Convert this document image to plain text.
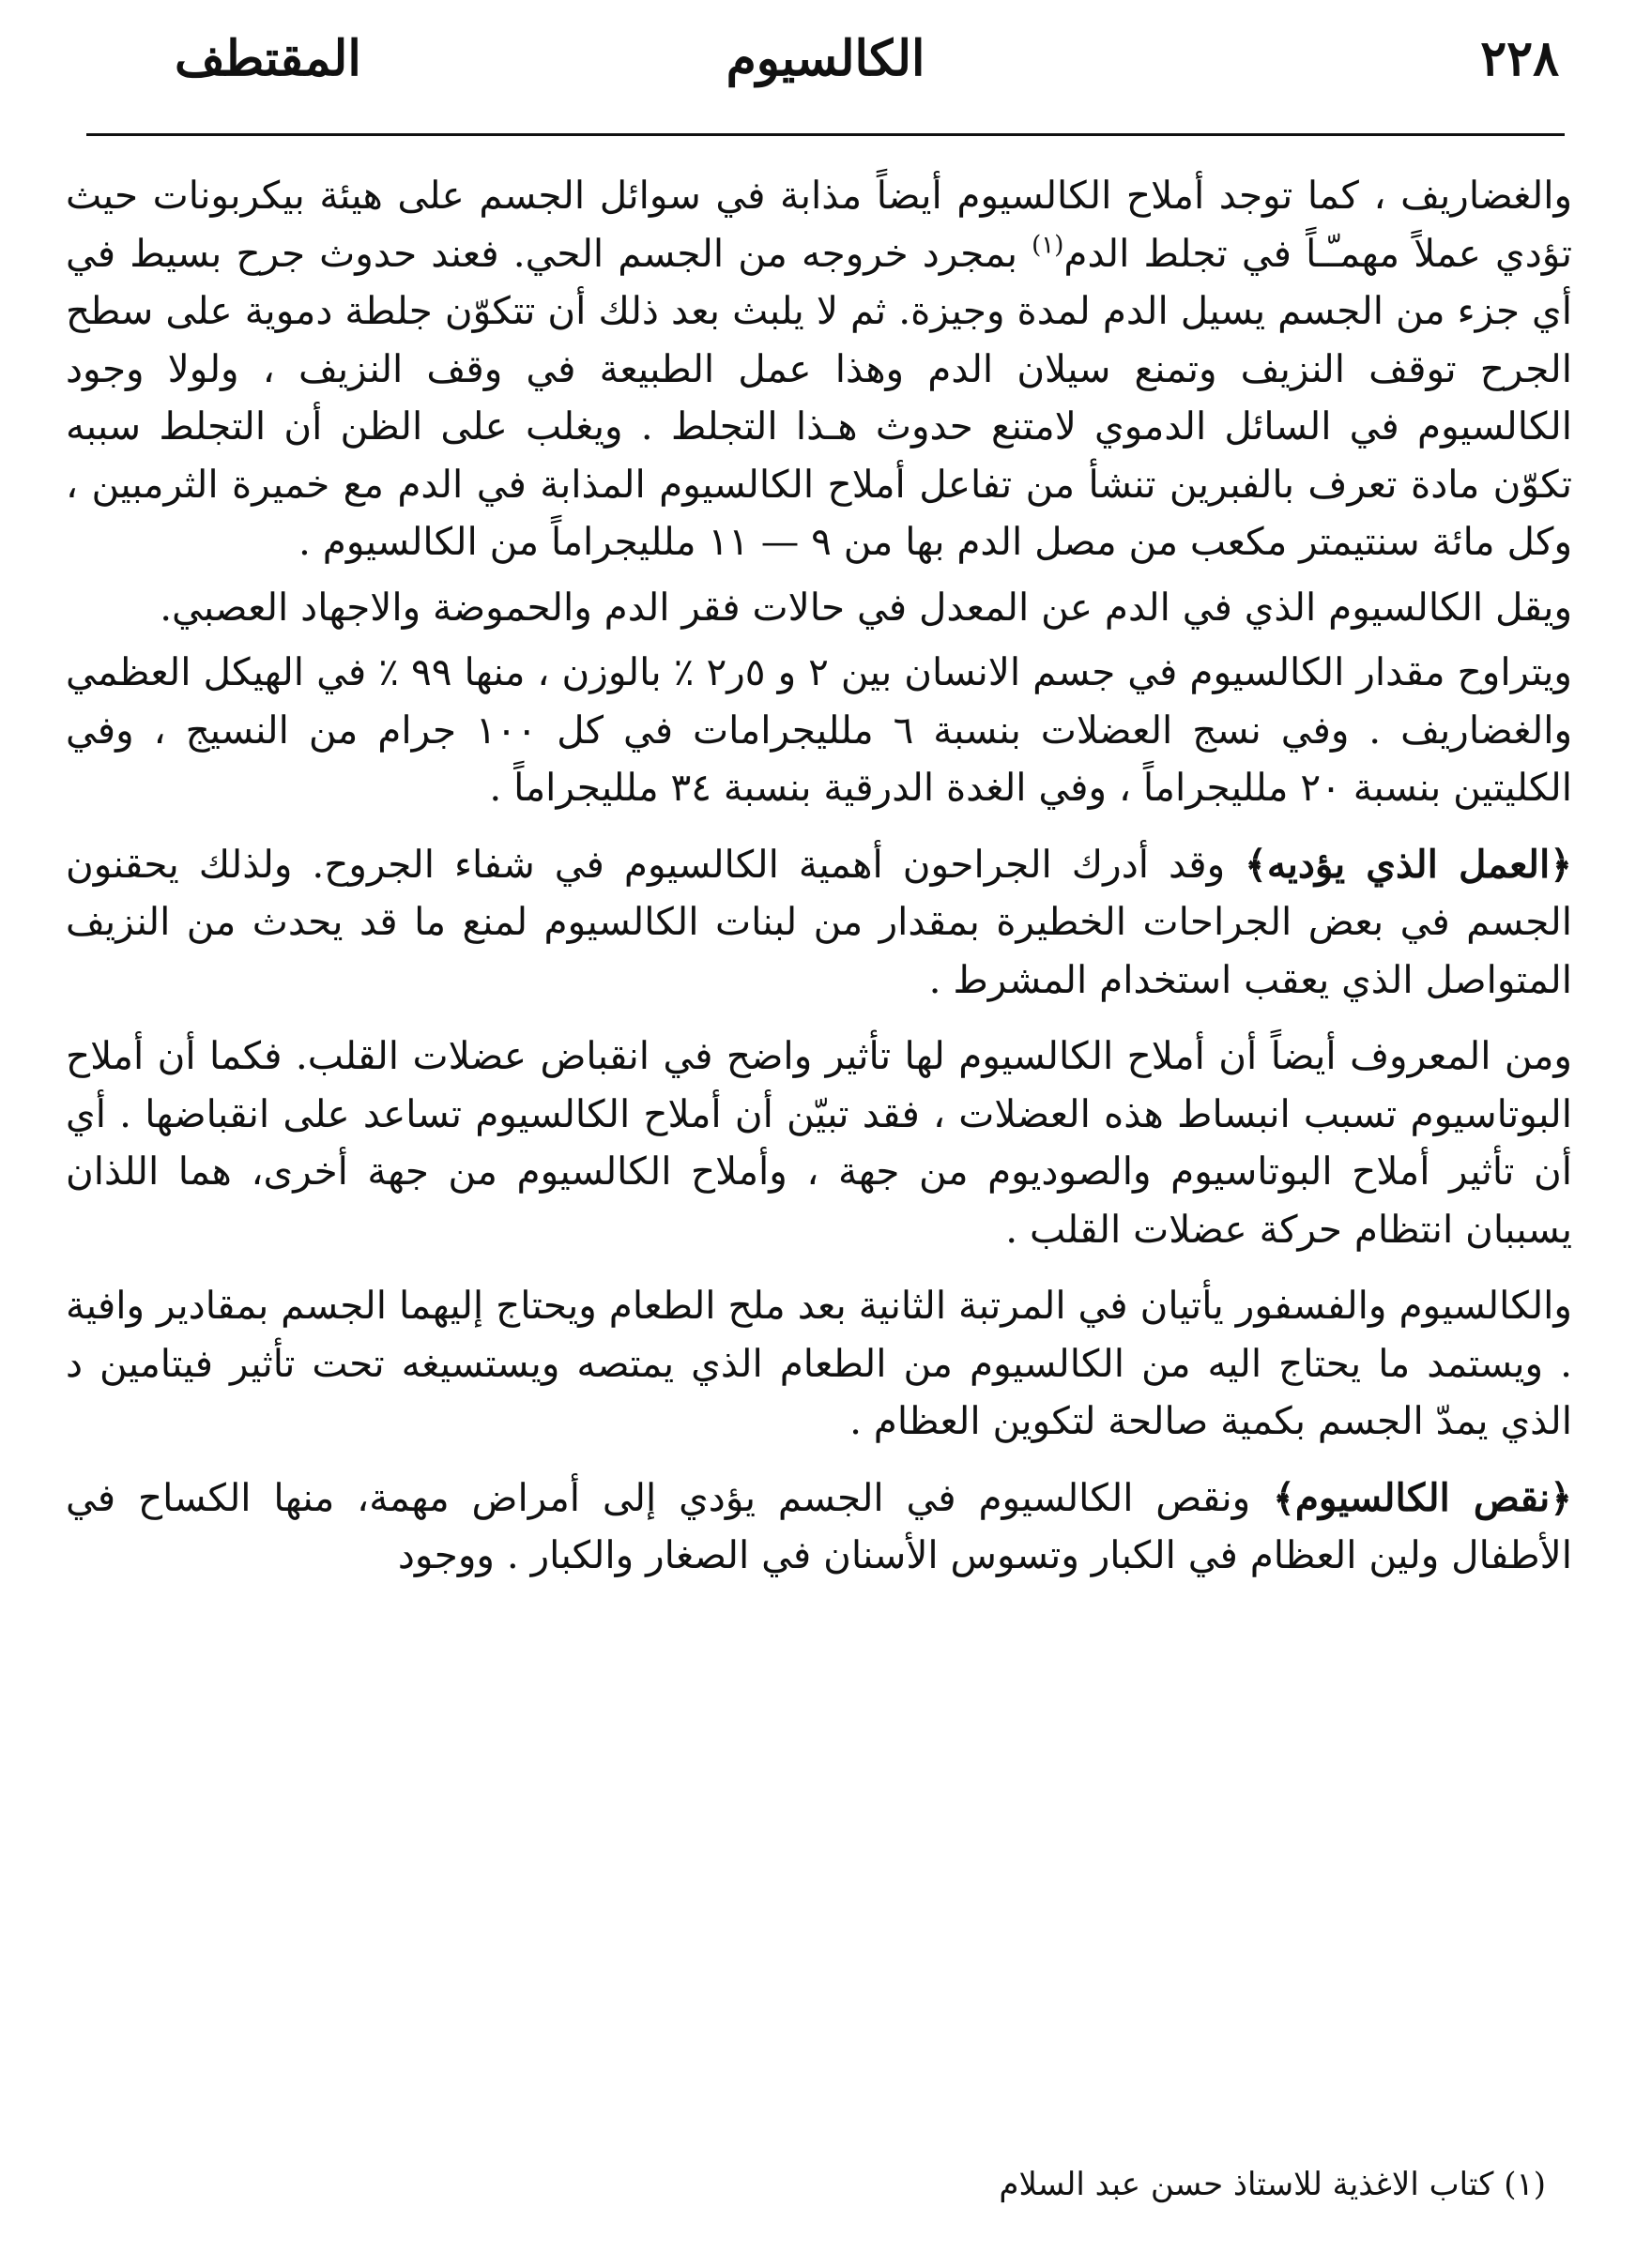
٢٢٨
الكالسيوم
المقتطف

والغضاريف ، كما توجد أملاح الكالسيوم أيضاً مذابة في سوائل الجسم على هيئة بيكربونات حيث تؤدي عملاً مهمـّـاً في تجلط الدم$^{(١)}$ بمجرد خروجه من الجسم الحي. فعند حدوث جرح بسيط في أي جزء من الجسم يسيل الدم لمدة وجيزة. ثم لا يلبث بعد ذلك أن تتكوّن جلطة دموية على سطح الجرح توقف النزيف وتمنع سيلان الدم وهذا عمل الطبيعة في وقف النزيف ، ولولا وجود الكالسيوم في السائل الدموي لامتنع حدوث هـذا التجلط . ويغلب على الظن أن التجلط سببه تكوّن مادة تعرف بالفبرين تنشأ من تفاعل أملاح الكالسيوم المذابة في الدم مع خميرة الثرمبين ، وكل مائة سنتيمتر مكعب من مصل الدم بها من ٩ — ١١ ملليجراماً من الكالسيوم .

ويقل الكالسيوم الذي في الدم عن المعدل في حالات فقر الدم والحموضة والاجهاد العصبي.

ويتراوح مقدار الكالسيوم في جسم الانسان بين ٢ و ٥ر٢ ٪ بالوزن ، منها ٩٩ ٪ في الهيكل العظمي والغضاريف . وفي نسج العضلات بنسبة ٦ ملليجرامات في كل ١٠٠ جرام من النسيج ، وفي الكليتين بنسبة ٢٠ ملليجراماً ، وفي الغدة الدرقية بنسبة ٣٤ ملليجراماً .

﴿العمل الذي يؤديه﴾ وقد أدرك الجراحون أهمية الكالسيوم في شفاء الجروح. ولذلك يحقنون الجسم في بعض الجراحات الخطيرة بمقدار من لبنات الكالسيوم لمنع ما قد يحدث من النزيف المتواصل الذي يعقب استخدام المشرط .

ومن المعروف أيضاً أن أملاح الكالسيوم لها تأثير واضح في انقباض عضلات القلب. فكما أن أملاح البوتاسيوم تسبب انبساط هذه العضلات ، فقد تبيّن أن أملاح الكالسيوم تساعد على انقباضها . أي أن تأثير أملاح البوتاسيوم والصوديوم من جهة ، وأملاح الكالسيوم من جهة أخرى، هما اللذان يسببان انتظام حركة عضلات القلب .

والكالسيوم والفسفور يأتيان في المرتبة الثانية بعد ملح الطعام ويحتاج إليهما الجسم بمقادير وافية . ويستمد ما يحتاج اليه من الكالسيوم من الطعام الذي يمتصه ويستسيغه تحت تأثير فيتامين د الذي يمدّ الجسم بكمية صالحة لتكوين العظام .

﴿نقص الكالسيوم﴾ ونقص الكالسيوم في الجسم يؤدي إلى أمراض مهمة، منها الكساح في الأطفال ولين العظام في الكبار وتسوس الأسنان في الصغار والكبار . ووجود

(١) كتاب الاغذية للاستاذ حسن عبد السلام
